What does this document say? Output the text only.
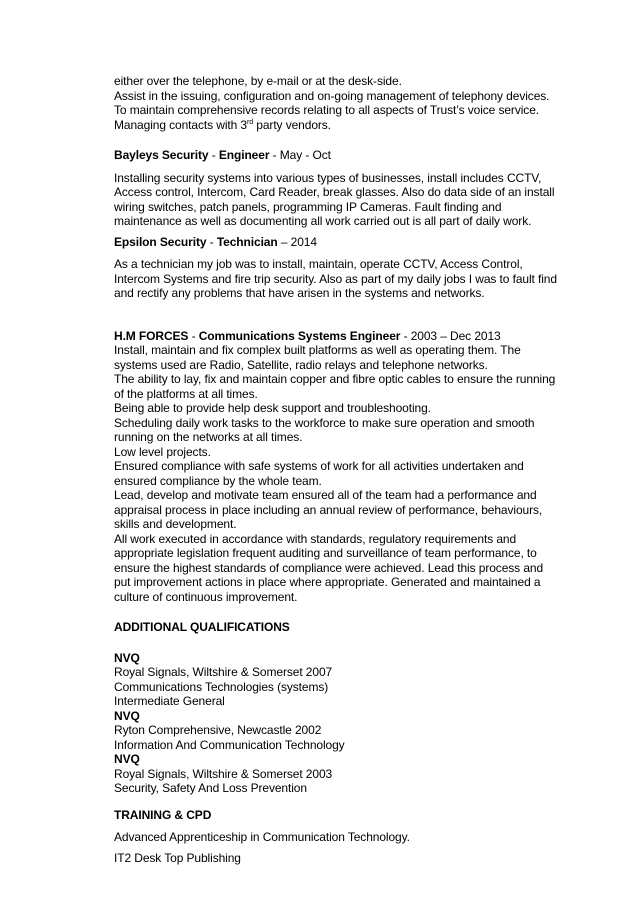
either over the telephone, by e-mail or at the desk-side.
Assist in the issuing, configuration and on-going management of telephony devices.
To maintain comprehensive records relating to all aspects of Trust’s voice service.
Managing contacts with 3rd party vendors.
Bayleys Security - Engineer - May - Oct
Installing security systems into various types of businesses, install includes CCTV,
Access control, Intercom, Card Reader, break glasses. Also do data side of an install
wiring switches, patch panels, programming IP Cameras. Fault finding and
maintenance as well as documenting all work carried out is all part of daily work.
Epsilon Security - Technician – 2014
As a technician my job was to install, maintain, operate CCTV, Access Control,
Intercom Systems and fire trip security. Also as part of my daily jobs I was to fault find
and rectify any problems that have arisen in the systems and networks.
H.M FORCES - Communications Systems Engineer - 2003 – Dec 2013
Install, maintain and fix complex built platforms as well as operating them. The
systems used are Radio, Satellite, radio relays and telephone networks.
The ability to lay, fix and maintain copper and fibre optic cables to ensure the running
of the platforms at all times.
Being able to provide help desk support and troubleshooting.
Scheduling daily work tasks to the workforce to make sure operation and smooth
running on the networks at all times.
Low level projects.
Ensured compliance with safe systems of work for all activities undertaken and
ensured compliance by the whole team.
Lead, develop and motivate team ensured all of the team had a performance and
appraisal process in place including an annual review of performance, behaviours,
skills and development.
All work executed in accordance with standards, regulatory requirements and
appropriate legislation frequent auditing and surveillance of team performance, to
ensure the highest standards of compliance were achieved. Lead this process and
put improvement actions in place where appropriate. Generated and maintained a
culture of continuous improvement.
ADDITIONAL QUALIFICATIONS
NVQ
Royal Signals, Wiltshire & Somerset 2007
Communications Technologies (systems)
Intermediate General
NVQ
Ryton Comprehensive, Newcastle 2002
Information And Communication Technology
NVQ
Royal Signals, Wiltshire & Somerset 2003
Security, Safety And Loss Prevention
TRAINING & CPD
Advanced Apprenticeship in Communication Technology.
IT2 Desk Top Publishing
